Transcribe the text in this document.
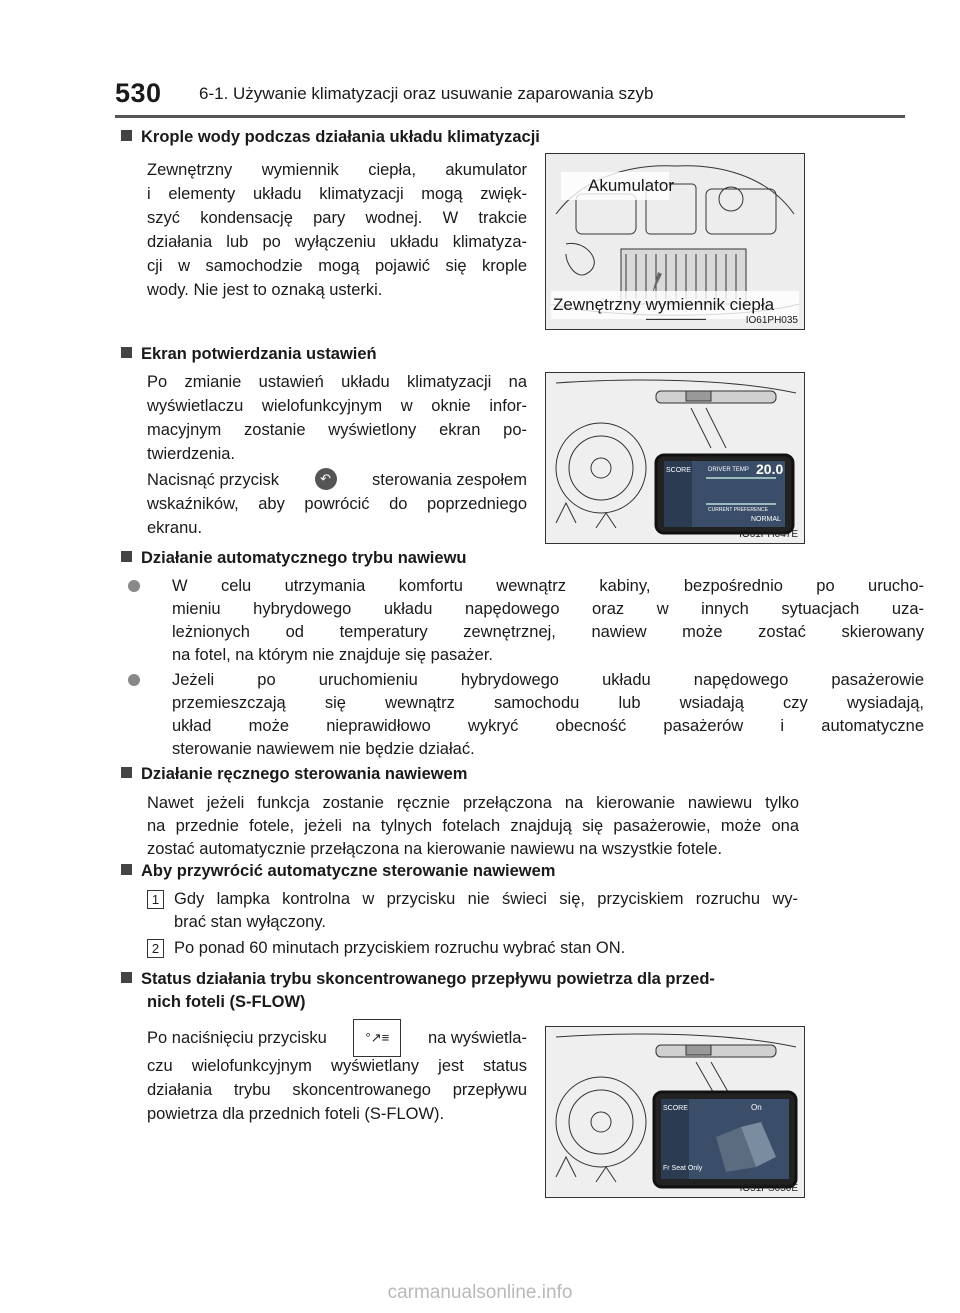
530 6-1. Używanie klimatyzacji oraz usuwanie zaparowania szyb
Krople wody podczas działania układu klimatyzacji
Zewnętrzny wymiennik ciepła, akumulator
i elementy układu klimatyzacji mogą zwięk-
szyć kondensację pary wodnej. W trakcie
działania lub po wyłączeniu układu klimatyza-
cji w samochodzie mogą pojawić się krople
wody. Nie jest to oznaką usterki.
Akumulator
Zewnętrzny wymiennik ciepła
IO61PH035
Ekran potwierdzania ustawień
Po zmianie ustawień układu klimatyzacji na
wyświetlaczu wielofunkcyjnym w oknie infor-
macyjnym zostanie wyświetlony ekran po-
twierdzenia.
Nacisnąć przycisk	↶	sterowania zespołem
wskaźników, aby powrócić do poprzedniego
ekranu.
SCORE	DRIVER TEMP 20.0
CURRENT PREFERENCE
NORMAL
IO61PH047E
Działanie automatycznego trybu nawiewu
W celu utrzymania komfortu wewnątrz kabiny, bezpośrednio po urucho-
mieniu hybrydowego układu napędowego oraz w innych sytuacjach uza-
leżnionych od temperatury zewnętrznej, nawiew może zostać skierowany
na fotel, na którym nie znajduje się pasażer.
Jeżeli po uruchomieniu hybrydowego układu napędowego pasażerowie
przemieszczają się wewnątrz samochodu lub wsiadają czy wysiadają,
układ może nieprawidłowo wykryć obecność pasażerów i automatyczne
sterowanie nawiewem nie będzie działać.
Działanie ręcznego sterowania nawiewem
Nawet jeżeli funkcja zostanie ręcznie przełączona na kierowanie nawiewu tylko
na przednie fotele, jeżeli na tylnych fotelach znajdują się pasażerowie, może ona
zostać automatycznie przełączona na kierowanie nawiewu na wszystkie fotele.
Aby przywrócić automatyczne sterowanie nawiewem
1 Gdy lampka kontrolna w przycisku nie świeci się, przyciskiem rozruchu wy-
brać stan wyłączony.
2 Po ponad 60 minutach przyciskiem rozruchu wybrać stan ON.
Status działania trybu skoncentrowanego przepływu powietrza dla przed-
nich foteli (S-FLOW)
Po naciśnięciu przycisku	°↗≡	na wyświetla-
czu wielofunkcyjnym wyświetlany jest status
działania trybu skoncentrowanego przepływu
powietrza dla przednich foteli (S-FLOW).	SCORE	On
Fr Seat Only
IO51PS050E
carmanualsonline.info
